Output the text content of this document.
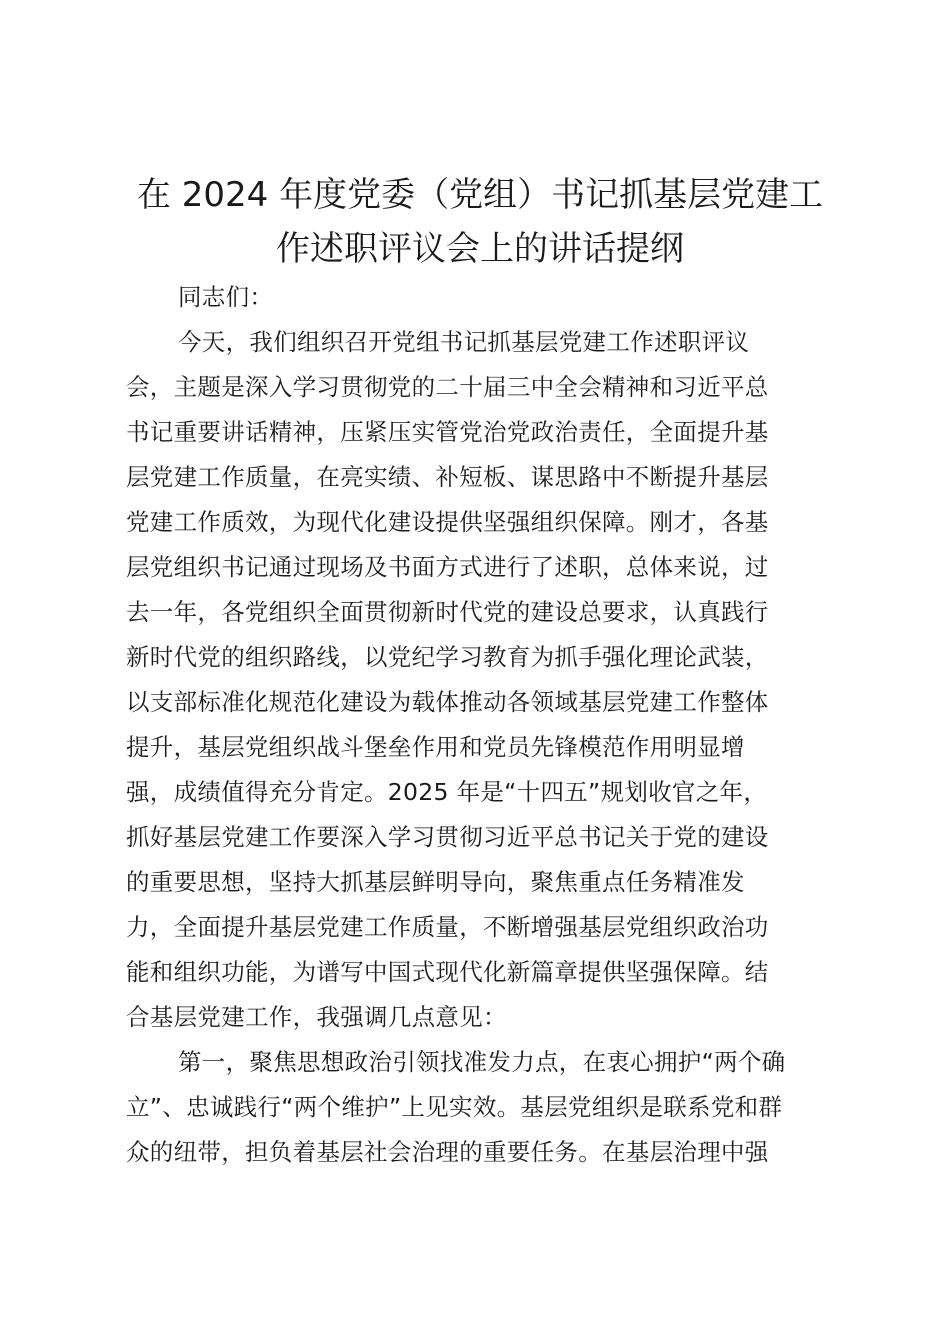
在 2024 年度党委（党组）书记抓基层党建工
作述职评议会上的讲话提纲
同志们：
今天，我们组织召开党组书记抓基层党建工作述职评议
会，主题是深入学习贯彻党的二十届三中全会精神和习近平总
书记重要讲话精神，压紧压实管党治党政治责任，全面提升基
层党建工作质量，在亮实绩、补短板、谋思路中不断提升基层
党建工作质效，为现代化建设提供坚强组织保障。刚才，各基
层党组织书记通过现场及书面方式进行了述职，总体来说，过
去一年，各党组织全面贯彻新时代党的建设总要求，认真践行
新时代党的组织路线，以党纪学习教育为抓手强化理论武装，
以支部标准化规范化建设为载体推动各领域基层党建工作整体
提升，基层党组织战斗堡垒作用和党员先锋模范作用明显增
强，成绩值得充分肯定。2025 年是“十四五”规划收官之年，
抓好基层党建工作要深入学习贯彻习近平总书记关于党的建设
的重要思想，坚持大抓基层鲜明导向，聚焦重点任务精准发
力，全面提升基层党建工作质量，不断增强基层党组织政治功
能和组织功能，为谱写中国式现代化新篇章提供坚强保障。结
合基层党建工作，我强调几点意见：
第一，聚焦思想政治引领找准发力点，在衷心拥护“两个确
立”、忠诚践行“两个维护”上见实效。基层党组织是联系党和群
众的纽带，担负着基层社会治理的重要任务。在基层治理中强
